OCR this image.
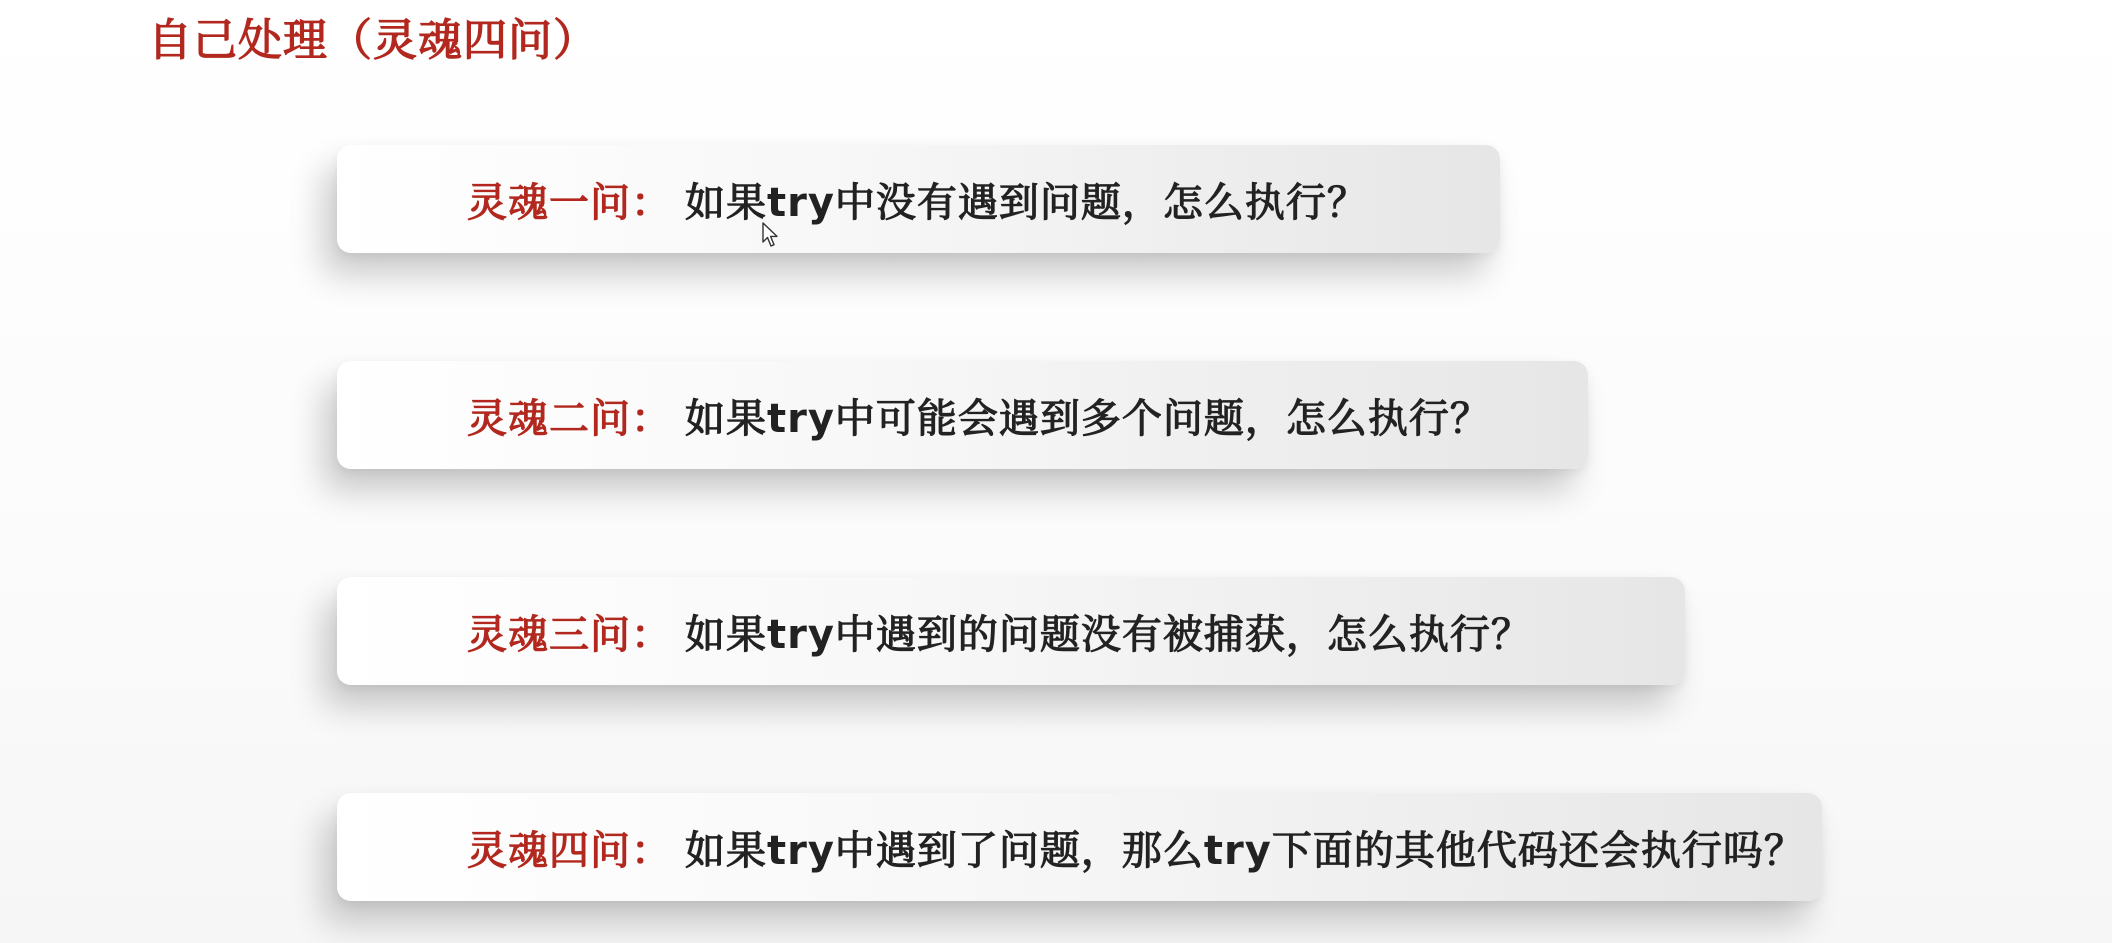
自己处理（灵魂四问）
灵魂一问 ： 如果try中没有遇到问题，怎么执行？
灵魂二问 ： 如果try中可能会遇到多个问题，怎么执行？
灵魂三问 ： 如果try中遇到的问题没有被捕获，怎么执行？
灵魂四问 ： 如果try中遇到了问题，那么try下面的其他代码还会执行吗？
